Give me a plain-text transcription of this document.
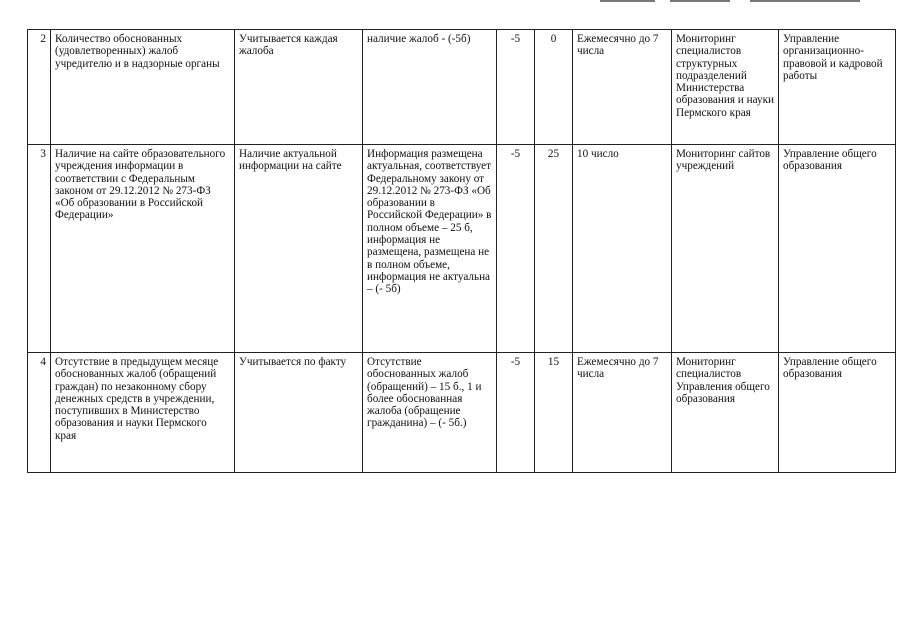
2	Количество обоснованных (удовлетворенных) жалоб учредителю и в надзорные органы	Учитывается каждая жалоба	наличие жалоб - (-5б)	-5	0	Ежемесячно до 7 числа	Мониторинг специалистов структурных подразделений Министерства образования и науки Пермского края	Управление организационно-правовой и кадровой работы
3	Наличие на сайте образовательного учреждения информации в соответствии с Федеральным законом от 29.12.2012 № 273-ФЗ «Об образовании в Российской Федерации»	Наличие актуальной информации на сайте	Информация размещена актуальная, соответствует Федеральному закону от 29.12.2012 № 273-ФЗ «Об образовании в Российской Федерации» в полном объеме – 25 б, информация не размещена, размещена не в полном объеме, информация не актуальна – (- 5б)	-5	25	10 число	Мониторинг сайтов учреждений	Управление общего образования
4	Отсутствие в предыдущем месяце обоснованных жалоб (обращений граждан) по незаконному сбору денежных средств в учреждении, поступивших в Министерство образования и науки Пермского края	Учитывается по факту	Отсутствие обоснованных жалоб (обращений) – 15 б., 1 и более обоснованная жалоба (обращение гражданина) – (- 5б.)	-5	15	Ежемесячно до 7 числа	Мониторинг специалистов Управления общего образования	Управление общего образования
